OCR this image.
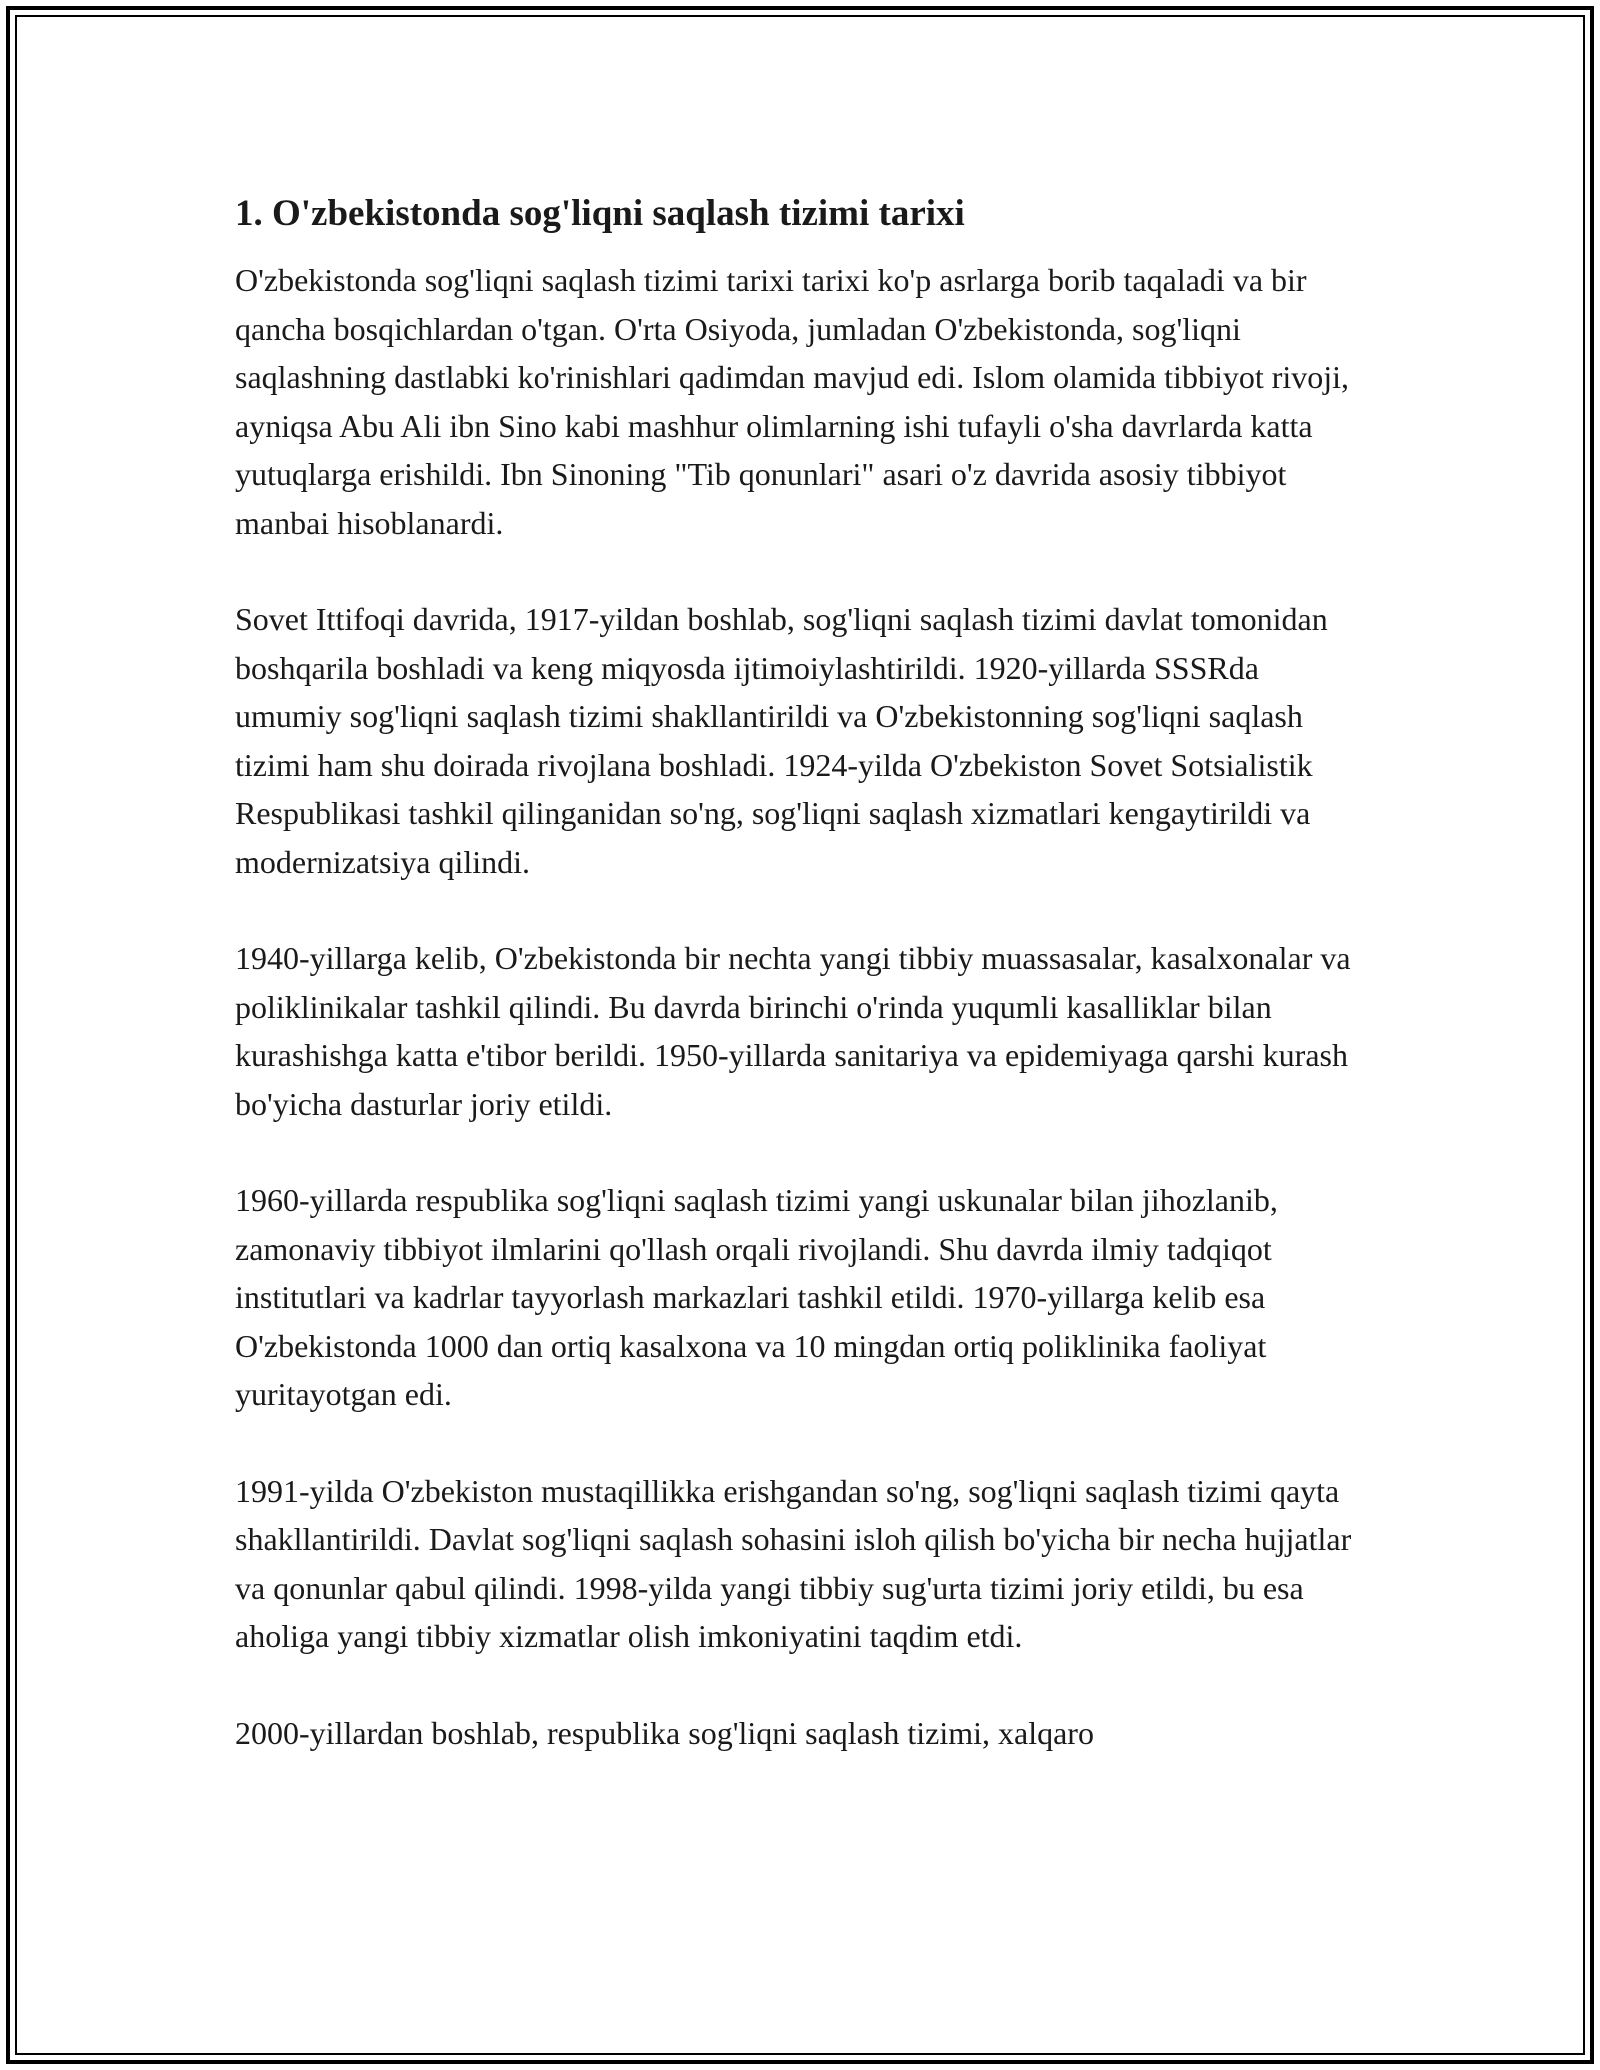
1. O'zbekistonda sog'liqni saqlash tizimi tarixi

O'zbekistonda sog'liqni saqlash tizimi tarixi tarixi ko'p asrlarga borib taqaladi va bir qancha bosqichlardan o'tgan. O'rta Osiyoda, jumladan O'zbekistonda, sog'liqni saqlashning dastlabki ko'rinishlari qadimdan mavjud edi. Islom olamida tibbiyot rivoji, ayniqsa Abu Ali ibn Sino kabi mashhur olimlarning ishi tufayli o'sha davrlarda katta yutuqlarga erishildi. Ibn Sinoning "Tib qonunlari" asari o'z davrida asosiy tibbiyot manbai hisoblanardi.

Sovet Ittifoqi davrida, 1917-yildan boshlab, sog'liqni saqlash tizimi davlat tomonidan boshqarila boshladi va keng miqyosda ijtimoiylashtirildi. 1920-yillarda SSSRda umumiy sog'liqni saqlash tizimi shakllantirildi va O'zbekistonning sog'liqni saqlash tizimi ham shu doirada rivojlana boshladi. 1924-yilda O'zbekiston Sovet Sotsialistik Respublikasi tashkil qilinganidan so'ng, sog'liqni saqlash xizmatlari kengaytirildi va modernizatsiya qilindi.

1940-yillarga kelib, O'zbekistonda bir nechta yangi tibbiy muassasalar, kasalxonalar va poliklinikalar tashkil qilindi. Bu davrda birinchi o'rinda yuqumli kasalliklar bilan kurashishga katta e'tibor berildi. 1950-yillarda sanitariya va epidemiyaga qarshi kurash bo'yicha dasturlar joriy etildi.

1960-yillarda respublika sog'liqni saqlash tizimi yangi uskunalar bilan jihozlanib, zamonaviy tibbiyot ilmlarini qo'llash orqali rivojlandi. Shu davrda ilmiy tadqiqot institutlari va kadrlar tayyorlash markazlari tashkil etildi. 1970-yillarga kelib esa O'zbekistonda 1000 dan ortiq kasalxona va 10 mingdan ortiq poliklinika faoliyat yuritayotgan edi.

1991-yilda O'zbekiston mustaqillikka erishgandan so'ng, sog'liqni saqlash tizimi qayta shakllantirildi. Davlat sog'liqni saqlash sohasini isloh qilish bo'yicha bir necha hujjatlar va qonunlar qabul qilindi. 1998-yilda yangi tibbiy sug'urta tizimi joriy etildi, bu esa aholiga yangi tibbiy xizmatlar olish imkoniyatini taqdim etdi.

2000-yillardan boshlab, respublika sog'liqni saqlash tizimi, xalqaro
